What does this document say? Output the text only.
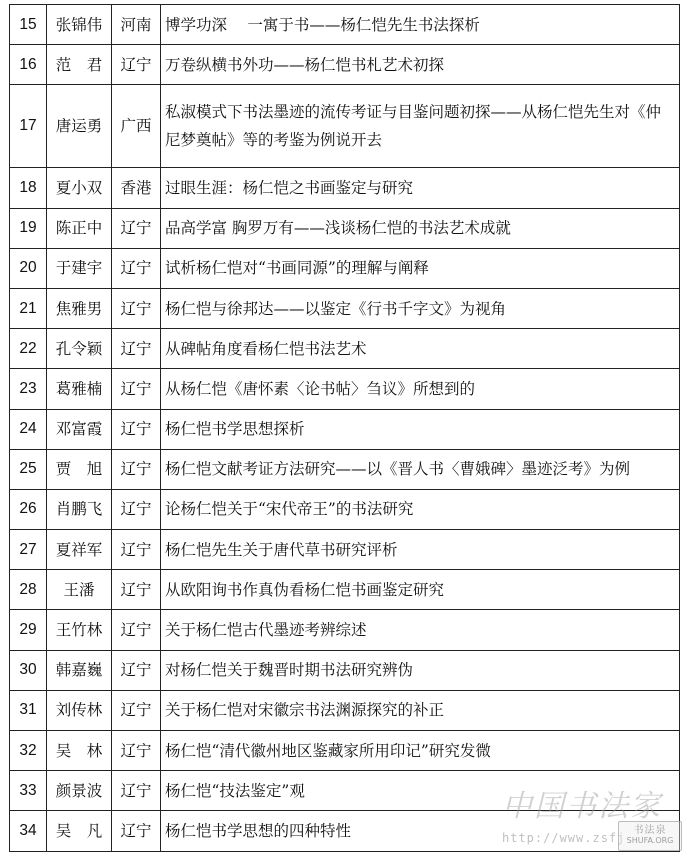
15	张锦伟	河南	博学功深　 一寓于书——杨仁恺先生书法探析
16	范　君	辽宁	万卷纵横书外功——杨仁恺书札艺术初探
17	唐运勇	广西	私淑模式下书法墨迹的流传考证与目鉴问题初探——从杨仁恺先生对《仲尼梦奠帖》等的考鉴为例说开去
18	夏小双	香港	过眼生涯：杨仁恺之书画鉴定与研究
19	陈正中	辽宁	品高学富 胸罗万有——浅谈杨仁恺的书法艺术成就
20	于建宇	辽宁	试析杨仁恺对“书画同源”的理解与阐释
21	焦雅男	辽宁	杨仁恺与徐邦达——以鉴定《行书千字文》为视角
22	孔令颖	辽宁	从碑帖角度看杨仁恺书法艺术
23	葛雅楠	辽宁	从杨仁恺《唐怀素〈论书帖〉刍议》所想到的
24	邓富霞	辽宁	杨仁恺书学思想探析
25	贾　旭	辽宁	杨仁恺文献考证方法研究——以《晋人书〈曹娥碑〉墨迹泛考》为例
26	肖鹏飞	辽宁	论杨仁恺关于“宋代帝王”的书法研究
27	夏祥军	辽宁	杨仁恺先生关于唐代草书研究评析
28	王潘	辽宁	从欧阳询书作真伪看杨仁恺书画鉴定研究
29	王竹林	辽宁	关于杨仁恺古代墨迹考辨综述
30	韩嘉巍	辽宁	对杨仁恺关于魏晋时期书法研究辨伪
31	刘传林	辽宁	关于杨仁恺对宋徽宗书法渊源探究的补正
32	吴　林	辽宁	杨仁恺“清代徽州地区鉴藏家所用印记”研究发微
33	颜景波	辽宁	杨仁恺“技法鉴定”观
34	吴　凡	辽宁	杨仁恺书学思想的四种特性
中国书法家
http://www.zsfj
书法泉
SHUFA.ORG
